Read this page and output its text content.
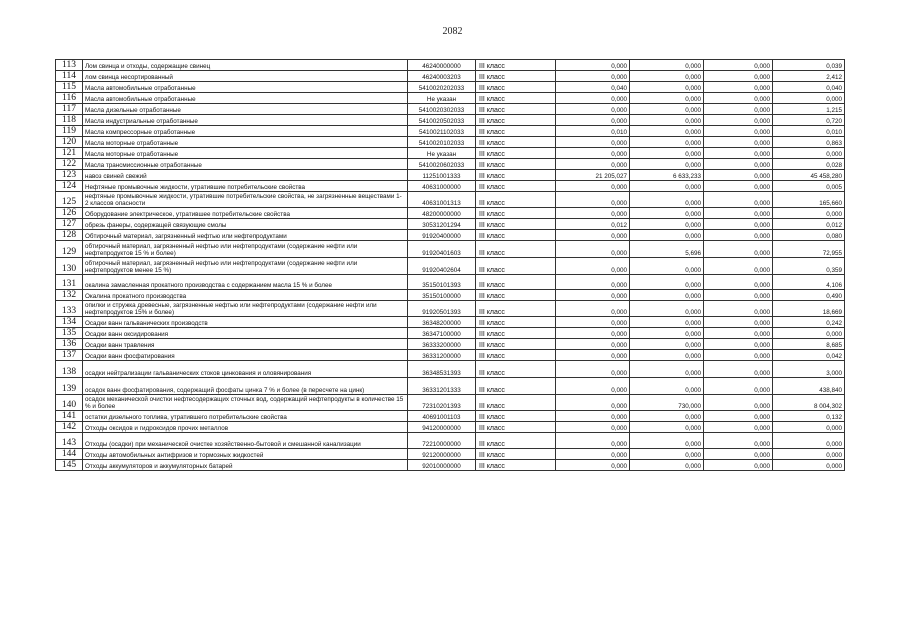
2082
113	Лом свинца и отходы, содержащие свинец	46240000000	III класс	0,000	0,000	0,000	0,039
114	лом свинца несортированный	46240003203	III класс	0,000	0,000	0,000	2,412
115	Масла автомобильные отработанные	5410020202033	III класс	0,040	0,000	0,000	0,040
116	Масла автомобильные отработанные	Не указан	III класс	0,000	0,000	0,000	0,000
117	Масла дизельные отработанные	5410020302033	III класс	0,000	0,000	0,000	1,215
118	Масла индустриальные отработанные	5410020502033	III класс	0,000	0,000	0,000	0,720
119	Масла компрессорные отработанные	5410021102033	III класс	0,010	0,000	0,000	0,010
120	Масла моторные отработанные	5410020102033	III класс	0,000	0,000	0,000	0,863
121	Масла моторные отработанные	Не указан	III класс	0,000	0,000	0,000	0,000
122	Масла трансмиссионные отработанные	5410020602033	III класс	0,000	0,000	0,000	0,028
123	навоз свиней свежий	11251001333	III класс	21 205,027	6 633,233	0,000	45 458,280
124	Нефтяные промывочные жидкости, утратившие потребительские свойства	40631000000	III класс	0,000	0,000	0,000	0,005
125	нефтяные промывочные жидкости, утратившие потребительские свойства, не загрязненные веществами 1-2 классов опасности	40631001313	III класс	0,000	0,000	0,000	165,660
126	Оборудование электрическое, утратившее потребительские свойства	48200000000	III класс	0,000	0,000	0,000	0,000
127	обрезь фанеры, содержащей связующие смолы	30531201294	III класс	0,012	0,000	0,000	0,012
128	Обтирочный материал, загрязненный нефтью или нефтепродуктами	91920400000	III класс	0,000	0,000	0,000	0,080
129	обтирочный материал, загрязненный нефтью или нефтепродуктами (содержание нефти или нефтепродуктов 15 % и более)	91920401603	III класс	0,000	5,696	0,000	72,955
130	обтирочный материал, загрязненный нефтью или нефтепродуктами (содержание нефти или нефтепродуктов менее 15 %)	91920402604	III класс	0,000	0,000	0,000	0,359
131	окалина замасленная прокатного производства с содержанием масла 15 % и более	35150101393	III класс	0,000	0,000	0,000	4,106
132	Окалина прокатного производства	35150100000	III класс	0,000	0,000	0,000	0,490
133	опилки и стружка древесные, загрязненные нефтью или нефтепродуктами (содержание нефти или нефтепродуктов 15% и более)	91920501393	III класс	0,000	0,000	0,000	18,669
134	Осадки ванн гальванических производств	36348200000	III класс	0,000	0,000	0,000	0,242
135	Осадки ванн оксидирования	36347100000	III класс	0,000	0,000	0,000	0,000
136	Осадки ванн травления	36333200000	III класс	0,000	0,000	0,000	8,685
137	Осадки ванн фосфатирования	36331200000	III класс	0,000	0,000	0,000	0,042
138	осадки нейтрализации гальванических стоков цинкования и оловянирования	36348531393	III класс	0,000	0,000	0,000	3,000
139	осадок ванн фосфатирования, содержащий фосфаты цинка 7 % и более (в пересчете на цинк)	36331201333	III класс	0,000	0,000	0,000	438,840
140	осадок механической очистки нефтесодержащих сточных вод, содержащий нефтепродукты в количестве 15 % и более	72310201393	III класс	0,000	730,000	0,000	8 004,302
141	остатки дизельного топлива, утратившего потребительские свойства	40691001103	III класс	0,000	0,000	0,000	0,132
142	Отходы оксидов и гидроксидов прочих металлов	94120000000	III класс	0,000	0,000	0,000	0,000
143	Отходы (осадки) при механической очистке хозяйственно-бытовой и смешанной канализации	72210000000	III класс	0,000	0,000	0,000	0,000
144	Отходы автомобильных антифризов и тормозных жидкостей	92120000000	III класс	0,000	0,000	0,000	0,000
145	Отходы аккумуляторов и аккумуляторных батарей	92010000000	III класс	0,000	0,000	0,000	0,000
